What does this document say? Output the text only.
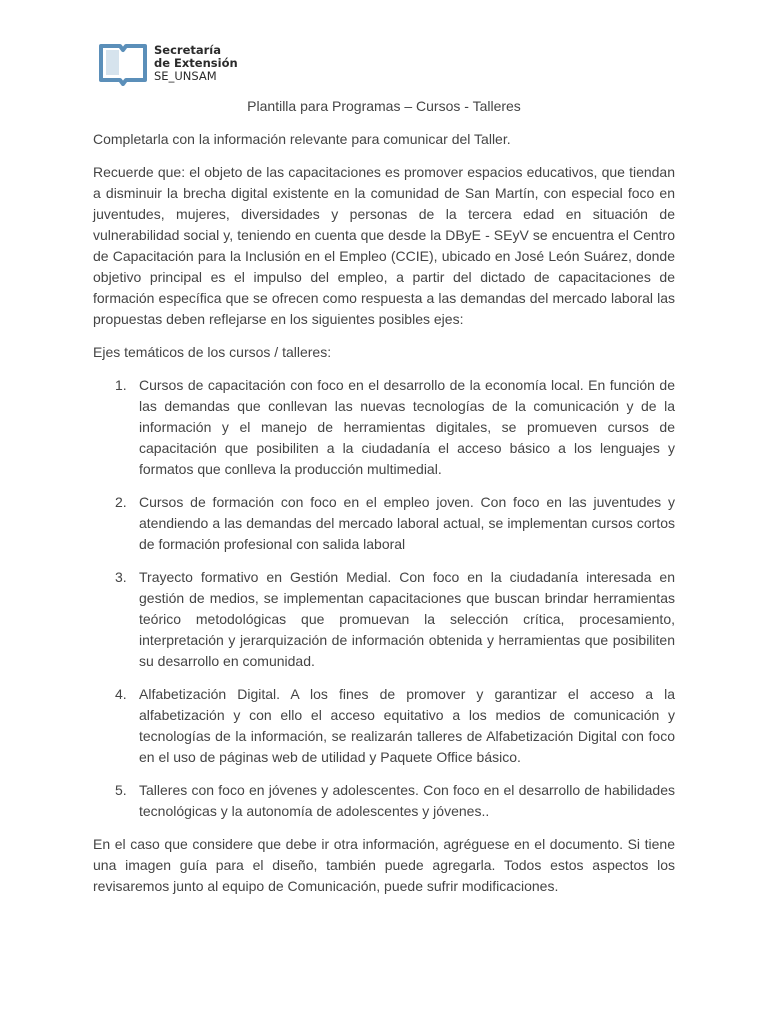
Secretaría
de Extensión
SE_UNSAM
Plantilla para Programas – Cursos - Talleres

Completarla con la información relevante para comunicar del Taller.

Recuerde que: el objeto de las capacitaciones es promover espacios educativos, que tiendan a disminuir la brecha digital existente en la comunidad de San Martín, con especial foco en juventudes, mujeres, diversidades y personas de la tercera edad en situación de vulnerabilidad social y, teniendo en cuenta que desde la DByE - SEyV se encuentra el Centro de Capacitación para la Inclusión en el Empleo (CCIE), ubicado en José León Suárez, donde objetivo principal es el impulso del empleo, a partir del dictado de capacitaciones de formación específica que se ofrecen como respuesta a las demandas del mercado laboral las propuestas deben reflejarse en los siguientes posibles ejes:

Ejes temáticos de los cursos / talleres:

1. Cursos de capacitación con foco en el desarrollo de la economía local. En función de las demandas que conllevan las nuevas tecnologías de la comunicación y de la información y el manejo de herramientas digitales, se promueven cursos de capacitación que posibiliten a la ciudadanía el acceso básico a los lenguajes y formatos que conlleva la producción multimedial.
2. Cursos de formación con foco en el empleo joven. Con foco en las juventudes y atendiendo a las demandas del mercado laboral actual, se implementan cursos cortos de formación profesional con salida laboral
3. Trayecto formativo en Gestión Medial. Con foco en la ciudadanía interesada en gestión de medios, se implementan capacitaciones que buscan brindar herramientas teórico metodológicas que promuevan la selección crítica, procesamiento, interpretación y jerarquización de información obtenida y herramientas que posibiliten su desarrollo en comunidad.
4. Alfabetización Digital. A los fines de promover y garantizar el acceso a la alfabetización y con ello el acceso equitativo a los medios de comunicación y tecnologías de la información, se realizarán talleres de Alfabetización Digital con foco en el uso de páginas web de utilidad y Paquete Office básico.
5. Talleres con foco en jóvenes y adolescentes. Con foco en el desarrollo de habilidades tecnológicas y la autonomía de adolescentes y jóvenes..

En el caso que considere que debe ir otra información, agréguese en el documento. Si tiene una imagen guía para el diseño, también puede agregarla. Todos estos aspectos los revisaremos junto al equipo de Comunicación, puede sufrir modificaciones.
